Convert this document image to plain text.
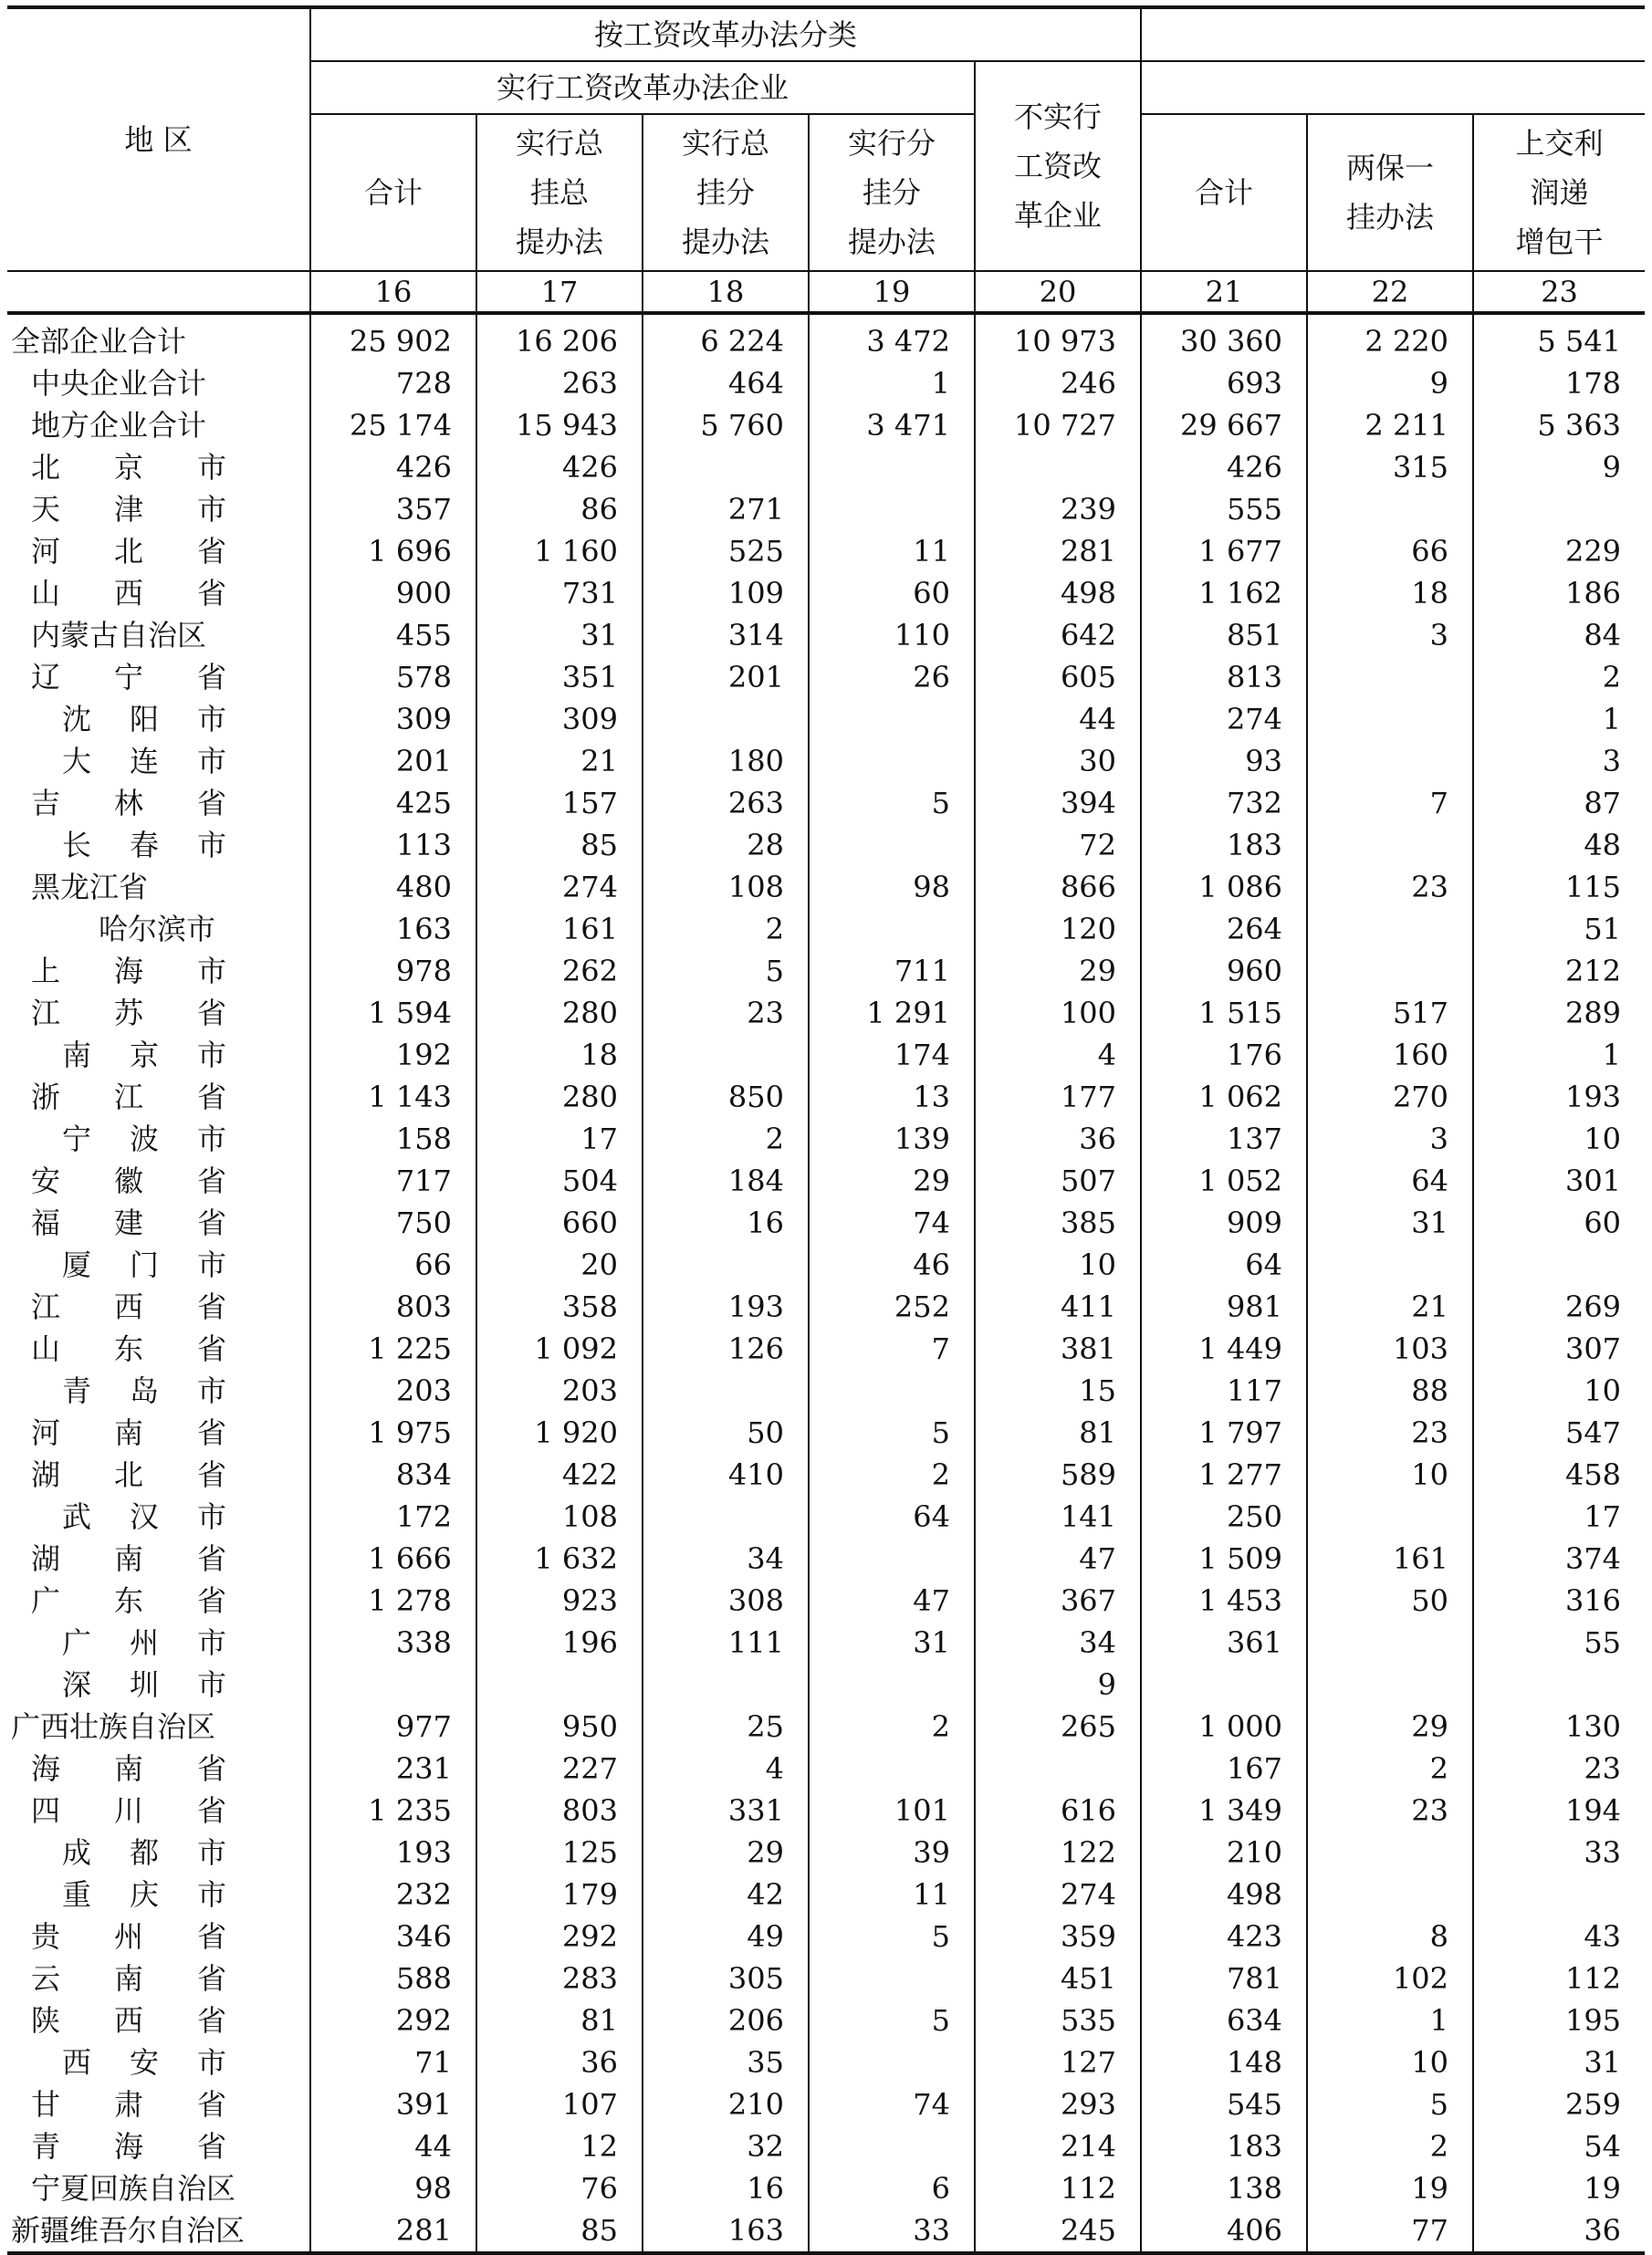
地 区	按工资改革办法分类							
	实行工资改革办法企业				不实行
工资改
革企业			
	合计	实行总
挂总
提办法	实行总
挂分
提办法	实行分
挂分
提办法		合计	两保一
挂办法	上交利
润递
增包干
	16	17	18	19	20	21	22	23
全部企业合计	25 902	16 206	6 224	3 472	10 973	30 360	2 220	5 541
中央企业合计	728	263	464	1	246	693	9	178
地方企业合计	25 174	15 943	5 760	3 471	10 727	29 667	2 211	5 363

北 京 市	426	426				426	315	9

天 津 市	357	86	271		239	555		

河 北 省	1 696	1 160	525	11	281	1 677	66	229

山 西 省	900	731	109	60	498	1 162	18	186
内蒙古自治区	455	31	314	110	642	851	3	84

辽 宁 省	578	351	201	26	605	813		2

沈 阳 市	309	309			44	274		1

大 连 市	201	21	180		30	93		3

吉 林 省	425	157	263	5	394	732	7	87

长 春 市	113	85	28		72	183		48
黑龙江省	480	274	108	98	866	1 086	23	115
哈尔滨市	163	161	2		120	264		51

上 海 市	978	262	5	711	29	960		212

江 苏 省	1 594	280	23	1 291	100	1 515	517	289

南 京 市	192	18		174	4	176	160	1

浙 江 省	1 143	280	850	13	177	1 062	270	193

宁 波 市	158	17	2	139	36	137	3	10

安 徽 省	717	504	184	29	507	1 052	64	301

福 建 省	750	660	16	74	385	909	31	60

厦 门 市	66	20		46	10	64		

江 西 省	803	358	193	252	411	981	21	269

山 东 省	1 225	1 092	126	7	381	1 449	103	307

青 岛 市	203	203			15	117	88	10

河 南 省	1 975	1 920	50	5	81	1 797	23	547

湖 北 省	834	422	410	2	589	1 277	10	458

武 汉 市	172	108		64	141	250		17

湖 南 省	1 666	1 632	34		47	1 509	161	374

广 东 省	1 278	923	308	47	367	1 453	50	316

广 州 市	338	196	111	31	34	361		55

深 圳 市					9			
广西壮族自治区	977	950	25	2	265	1 000	29	130

海 南 省	231	227	4			167	2	23

四 川 省	1 235	803	331	101	616	1 349	23	194

成 都 市	193	125	29	39	122	210		33

重 庆 市	232	179	42	11	274	498		

贵 州 省	346	292	49	5	359	423	8	43

云 南 省	588	283	305		451	781	102	112

陕 西 省	292	81	206	5	535	634	1	195

西 安 市	71	36	35		127	148	10	31

甘 肃 省	391	107	210	74	293	545	5	259

青 海 省	44	12	32		214	183	2	54
宁夏回族自治区	98	76	16	6	112	138	19	19
新疆维吾尔自治区	281	85	163	33	245	406	77	36
